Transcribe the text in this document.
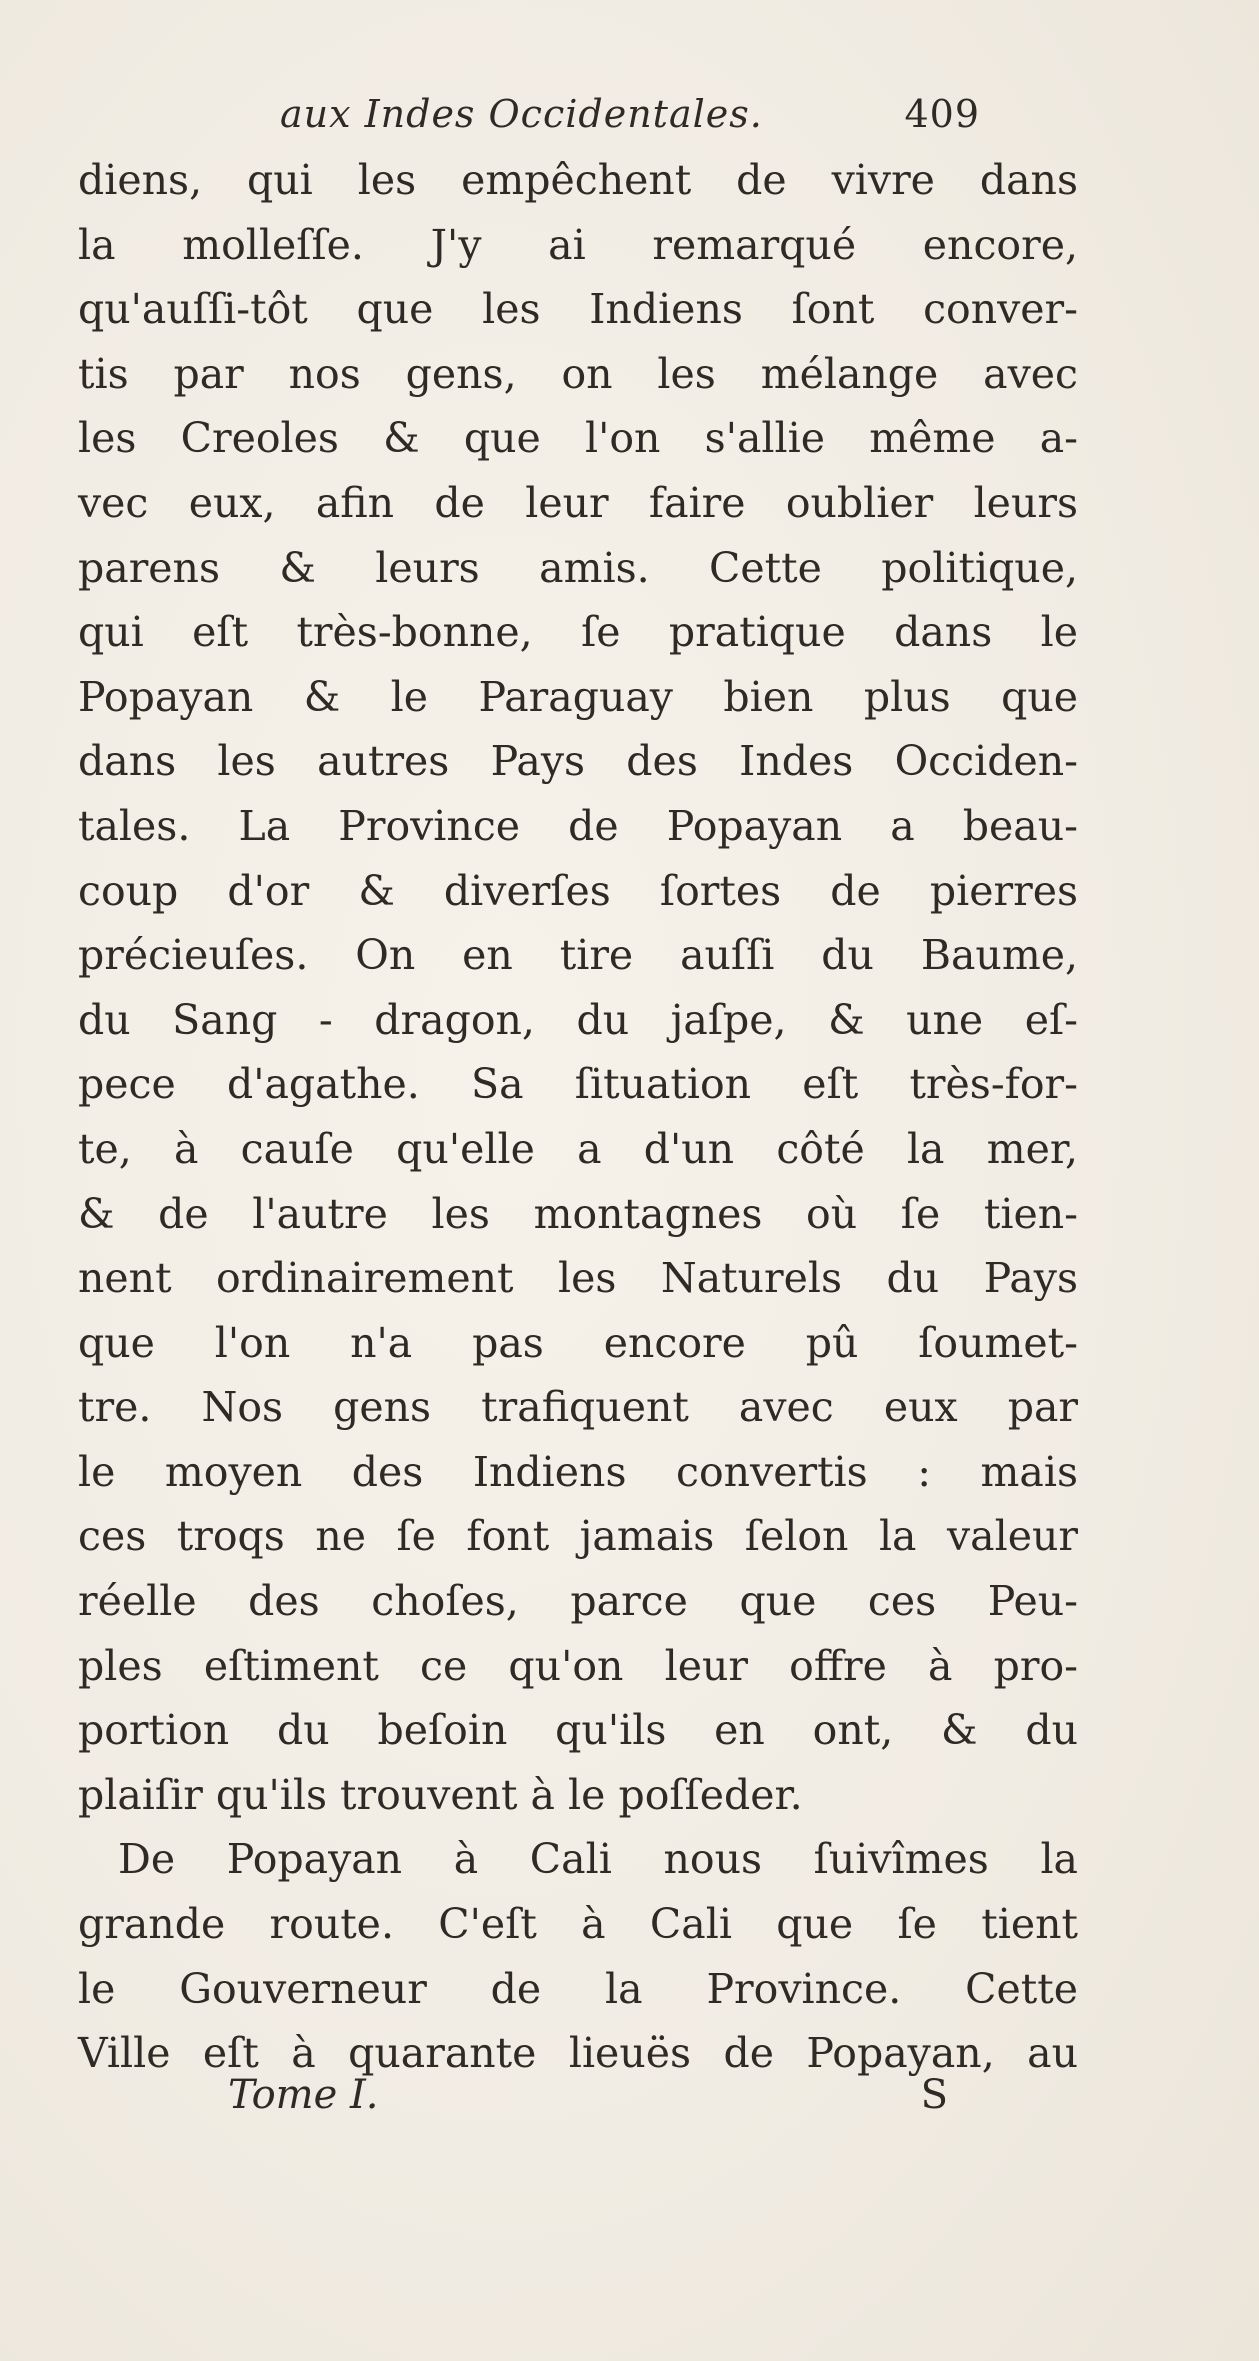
aux Indes Occidentales.	409
diens, qui les empêchent de vivre dans
la molleſſe. J'y ai remarqué encore,
qu'auſſi-tôt que les Indiens ſont conver-
tis par nos gens, on les mélange avec
les Creoles & que l'on s'allie même a-
vec eux, afin de leur faire oublier leurs
parens & leurs amis. Cette politique,
qui eſt très-bonne, ſe pratique dans le
Popayan & le Paraguay bien plus que
dans les autres Pays des Indes Occiden-
tales. La Province de Popayan a beau-
coup d'or & diverſes ſortes de pierres
précieuſes. On en tire auſſi du Baume,
du Sang - dragon, du jaſpe, & une eſ-
pece d'agathe. Sa ſituation eſt très-for-
te, à cauſe qu'elle a d'un côté la mer,
& de l'autre les montagnes où ſe tien-
nent ordinairement les Naturels du Pays
que l'on n'a pas encore pû ſoumet-
tre. Nos gens trafiquent avec eux par
le moyen des Indiens convertis : mais
ces troqs ne ſe font jamais ſelon la valeur
réelle des choſes, parce que ces Peu-
ples eſtiment ce qu'on leur offre à pro-
portion du beſoin qu'ils en ont, & du
plaiſir qu'ils trouvent à le poſſeder.
De Popayan à Cali nous ſuivîmes la
grande route. C'eſt à Cali que ſe tient
le Gouverneur de la Province. Cette
Ville eſt à quarante lieuës de Popayan, au
Tome I.	S
